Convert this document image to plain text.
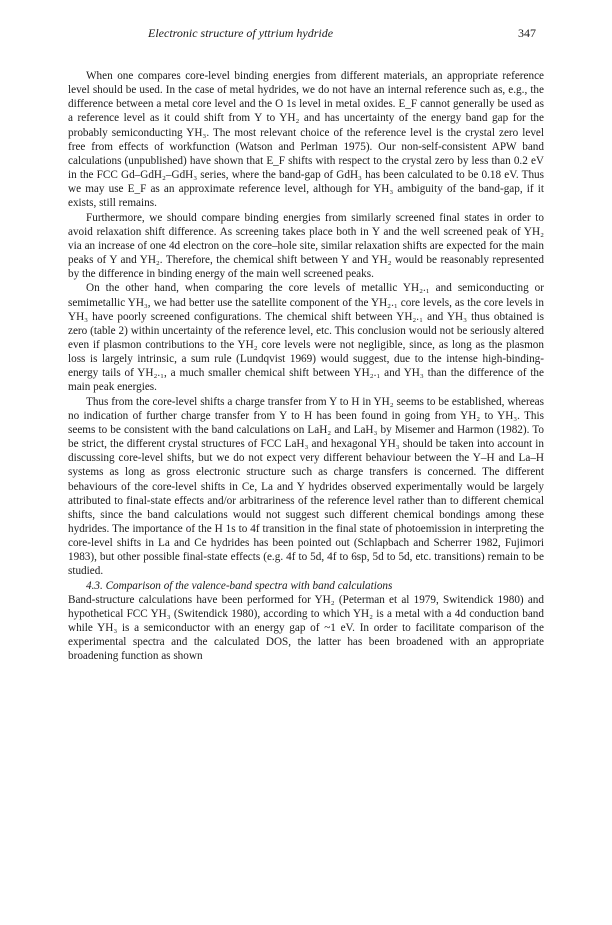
Electronic structure of yttrium hydride	347

When one compares core-level binding energies from different materials, an appropriate reference level should be used. In the case of metal hydrides, we do not have an internal reference such as, e.g., the difference between a metal core level and the O 1s level in metal oxides. E_F cannot generally be used as a reference level as it could shift from Y to YH₂ and has uncertainty of the energy band gap for the probably semiconducting YH₃. The most relevant choice of the reference level is the crystal zero level free from effects of workfunction (Watson and Perlman 1975). Our non-self-consistent APW band calculations (unpublished) have shown that E_F shifts with respect to the crystal zero by less than 0.2 eV in the FCC Gd–GdH₂–GdH₃ series, where the band-gap of GdH₃ has been calculated to be 0.18 eV. Thus we may use E_F as an approximate reference level, although for YH₃ ambiguity of the band-gap, if it exists, still remains.

Furthermore, we should compare binding energies from similarly screened final states in order to avoid relaxation shift difference. As screening takes place both in Y and the well screened peak of YH₂ via an increase of one 4d electron on the core–hole site, similar relaxation shifts are expected for the main peaks of Y and YH₂. Therefore, the chemical shift between Y and YH₂ would be reasonably represented by the difference in binding energy of the main well screened peaks.

On the other hand, when comparing the core levels of metallic YH₂.₁ and semiconducting or semimetallic YH₃, we had better use the satellite component of the YH₂.₁ core levels, as the core levels in YH₃ have poorly screened configurations. The chemical shift between YH₂.₁ and YH₃ thus obtained is zero (table 2) within uncertainty of the reference level, etc. This conclusion would not be seriously altered even if plasmon contributions to the YH₂ core levels were not negligible, since, as long as the plasmon loss is largely intrinsic, a sum rule (Lundqvist 1969) would suggest, due to the intense high-binding-energy tails of YH₂.₁, a much smaller chemical shift between YH₂.₁ and YH₃ than the difference of the main peak energies.

Thus from the core-level shifts a charge transfer from Y to H in YH₂ seems to be established, whereas no indication of further charge transfer from Y to H has been found in going from YH₂ to YH₃. This seems to be consistent with the band calculations on LaH₂ and LaH₃ by Misemer and Harmon (1982). To be strict, the different crystal structures of FCC LaH₃ and hexagonal YH₃ should be taken into account in discussing core-level shifts, but we do not expect very different behaviour between the Y–H and La–H systems as long as gross electronic structure such as charge transfers is concerned. The different behaviours of the core-level shifts in Ce, La and Y hydrides observed experimentally would be largely attributed to final-state effects and/or arbitrariness of the reference level rather than to different chemical shifts, since the band calculations would not suggest such different chemical bondings among these hydrides. The importance of the H 1s to 4f transition in the final state of photoemission in interpreting the core-level shifts in La and Ce hydrides has been pointed out (Schlapbach and Scherrer 1982, Fujimori 1983), but other possible final-state effects (e.g. 4f to 5d, 4f to 6sp, 5d to 5d, etc. transitions) remain to be studied.

4.3. Comparison of the valence-band spectra with band calculations

Band-structure calculations have been performed for YH₂ (Peterman et al 1979, Switendick 1980) and hypothetical FCC YH₃ (Switendick 1980), according to which YH₂ is a metal with a 4d conduction band while YH₃ is a semiconductor with an energy gap of ~1 eV. In order to facilitate comparison of the experimental spectra and the calculated DOS, the latter has been broadened with an appropriate broadening function as shown
